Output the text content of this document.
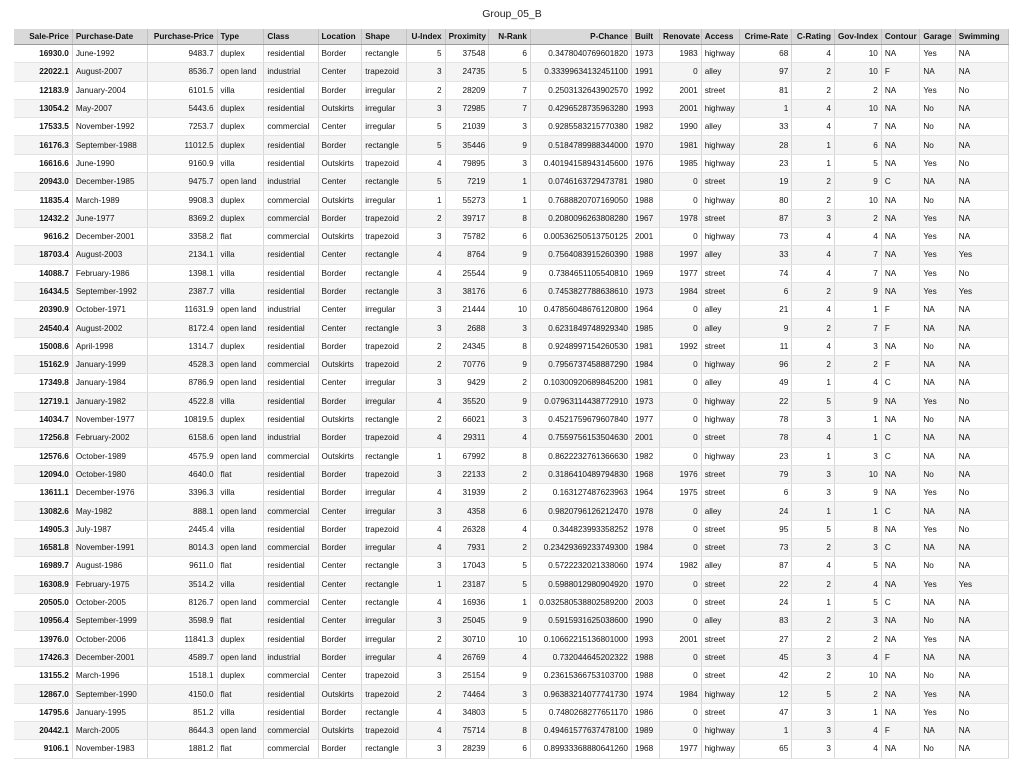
Group_05_B
Sale-Price	Purchase-Date	Purchase-Price	Type	Class	Location	Shape	U-Index	Proximity	N-Rank	P-Chance	Built	Renovate	Access	Crime-Rate	C-Rating	Gov-Index	Contour	Garage	Swimming
16930.0	June-1992	9483.7	duplex	residential	Border	rectangle	5	37548	6	0.3478040769601820	1973	1983	highway	68	4	10	NA	Yes	NA
22022.1	August-2007	8536.7	open land	industrial	Center	trapezoid	3	24735	5	0.33399634132451100	1991	0	alley	97	2	10	F	NA	NA
12183.9	January-2004	6101.5	villa	residential	Border	irregular	2	28209	7	0.2503132643902570	1992	2001	street	81	2	2	NA	Yes	No
13054.2	May-2007	5443.6	duplex	residential	Outskirts	irregular	3	72985	7	0.4296528735963280	1993	2001	highway	1	4	10	NA	No	NA
17533.5	November-1992	7253.7	duplex	commercial	Center	irregular	5	21039	3	0.9285583215770380	1982	1990	alley	33	4	7	NA	No	NA
16176.3	September-1988	11012.5	duplex	residential	Border	rectangle	5	35446	9	0.5184789988344000	1970	1981	highway	28	1	6	NA	No	NA
16616.6	June-1990	9160.9	villa	residential	Outskirts	trapezoid	4	79895	3	0.40194158943145600	1976	1985	highway	23	1	5	NA	Yes	No
20943.0	December-1985	9475.7	open land	industrial	Center	rectangle	5	7219	1	0.0746163729473781	1980	0	street	19	2	9	C	NA	NA
11835.4	March-1989	9908.3	duplex	commercial	Outskirts	irregular	1	55273	1	0.7688820707169050	1988	0	highway	80	2	10	NA	No	NA
12432.2	June-1977	8369.2	duplex	commercial	Border	trapezoid	2	39717	8	0.2080096263808280	1967	1978	street	87	3	2	NA	Yes	NA
9616.2	December-2001	3358.2	flat	commercial	Outskirts	trapezoid	3	75782	6	0.00536250513750125	2001	0	highway	73	4	4	NA	Yes	NA
18703.4	August-2003	2134.1	villa	residential	Center	rectangle	4	8764	9	0.7564083915260390	1988	1997	alley	33	4	7	NA	Yes	Yes
14088.7	February-1986	1398.1	villa	residential	Border	rectangle	4	25544	9	0.7384651105540810	1969	1977	street	74	4	7	NA	Yes	No
16434.5	September-1992	2387.7	villa	residential	Border	rectangle	3	38176	6	0.7453827788638610	1973	1984	street	6	2	9	NA	Yes	Yes
20390.9	October-1971	11631.9	open land	industrial	Center	irregular	3	21444	10	0.47856048676120800	1964	0	alley	21	4	1	F	NA	NA
24540.4	August-2002	8172.4	open land	residential	Center	rectangle	3	2688	3	0.6231849748929340	1985	0	alley	9	2	7	F	NA	NA
15008.6	April-1998	1314.7	duplex	residential	Border	trapezoid	2	24345	8	0.9248997154260530	1981	1992	street	11	4	3	NA	No	NA
15162.9	January-1999	4528.3	open land	commercial	Outskirts	trapezoid	2	70776	9	0.7956737458887290	1984	0	highway	96	2	2	F	NA	NA
17349.8	January-1984	8786.9	open land	residential	Center	irregular	3	9429	2	0.10300920689845200	1981	0	alley	49	1	4	C	NA	NA
12719.1	January-1982	4522.8	villa	residential	Border	irregular	4	35520	9	0.07963114438772910	1973	0	highway	22	5	9	NA	Yes	No
14034.7	November-1977	10819.5	duplex	residential	Outskirts	rectangle	2	66021	3	0.4521759679607840	1977	0	highway	78	3	1	NA	No	NA
17256.8	February-2002	6158.6	open land	industrial	Border	trapezoid	4	29311	4	0.7559756153504630	2001	0	street	78	4	1	C	NA	NA
12576.6	October-1989	4575.9	open land	commercial	Outskirts	rectangle	1	67992	8	0.8622232761366630	1982	0	highway	23	1	3	C	NA	NA
12094.0	October-1980	4640.0	flat	residential	Border	trapezoid	3	22133	2	0.3186410489794830	1968	1976	street	79	3	10	NA	No	NA
13611.1	December-1976	3396.3	villa	residential	Border	irregular	4	31939	2	0.163127487623963	1964	1975	street	6	3	9	NA	Yes	No
13082.6	May-1982	888.1	open land	commercial	Center	irregular	3	4358	6	0.9820796126212470	1978	0	alley	24	1	1	C	NA	NA
14905.3	July-1987	2445.4	villa	residential	Border	trapezoid	4	26328	4	0.344823993358252	1978	0	street	95	5	8	NA	Yes	No
16581.8	November-1991	8014.3	open land	commercial	Border	irregular	4	7931	2	0.23429369233749300	1984	0	street	73	2	3	C	NA	NA
16989.7	August-1986	9611.0	flat	residential	Center	rectangle	3	17043	5	0.5722232021338060	1974	1982	alley	87	4	5	NA	No	NA
16308.9	February-1975	3514.2	villa	residential	Center	rectangle	1	23187	5	0.5988012980904920	1970	0	street	22	2	4	NA	Yes	Yes
20505.0	October-2005	8126.7	open land	commercial	Center	rectangle	4	16936	1	0.032580538802589200	2003	0	street	24	1	5	C	NA	NA
10956.4	September-1999	3598.9	flat	residential	Center	irregular	3	25045	9	0.5915931625038600	1990	0	alley	83	2	3	NA	No	NA
13976.0	October-2006	11841.3	duplex	residential	Border	irregular	2	30710	10	0.10662215136801000	1993	2001	street	27	2	2	NA	Yes	NA
17426.3	December-2001	4589.7	open land	industrial	Border	irregular	4	26769	4	0.732044645202322	1988	0	street	45	3	4	F	NA	NA
13155.2	March-1996	1518.1	duplex	commercial	Center	trapezoid	3	25154	9	0.23615366753103700	1988	0	street	42	2	10	NA	No	NA
12867.0	September-1990	4150.0	flat	residential	Outskirts	trapezoid	2	74464	3	0.96383214077741730	1974	1984	highway	12	5	2	NA	Yes	NA
14795.6	January-1995	851.2	villa	residential	Border	rectangle	4	34803	5	0.7480268277651170	1986	0	street	47	3	1	NA	Yes	No
20442.1	March-2005	8644.3	open land	commercial	Outskirts	trapezoid	4	75714	8	0.49461577637478100	1989	0	highway	1	3	4	F	NA	NA
9106.1	November-1983	1881.2	flat	commercial	Border	rectangle	3	28239	6	0.89933368880641260	1968	1977	highway	65	3	4	NA	No	NA
